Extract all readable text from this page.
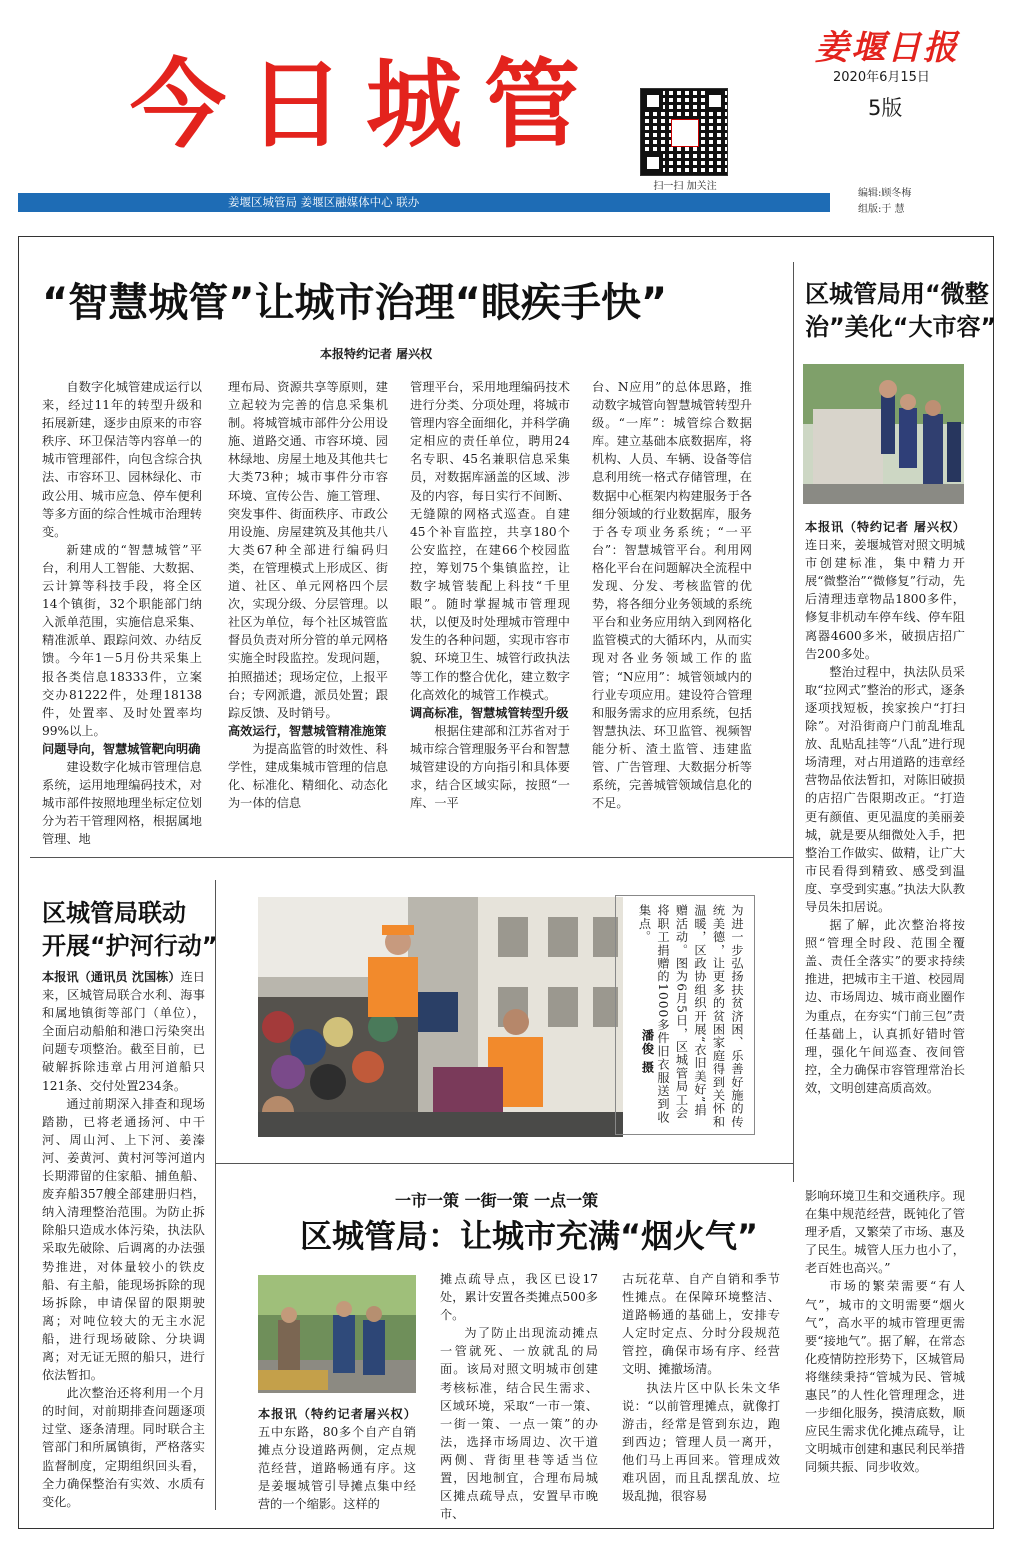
今日城管
扫一扫 加关注
姜堰日报
2020年6月15日
5版
姜堰区城管局 姜堰区融媒体中心 联办
编辑:顾冬梅
组版:于 慧
“智慧城管”让城市治理“眼疾手快”
本报特约记者 屠兴权

自数字化城管建成运行以来，经过11年的转型升级和拓展新建，逐步由原来的市容秩序、环卫保洁等内容单一的城市管理部件，向包含综合执法、市容环卫、园林绿化、市政公用、城市应急、停车便利等多方面的综合性城市治理转变。

新建成的“智慧城管”平台，利用人工智能、大数据、云计算等科技手段，将全区14个镇街，32个职能部门纳入派单范围，实施信息采集、精准派单、跟踪问效、办结反馈。今年1－5月份共采集上报各类信息18333件，立案交办81222件，处理18138件，处置率、及时处置率均99%以上。

问题导向，智慧城管靶向明确

建设数字化城市管理信息系统，运用地理编码技术，对城市部件按照地理坐标定位划分为若干管理网格，根据属地管理、地

理布局、资源共享等原则，建立起较为完善的信息采集机制。将城管城市部件分公用设施、道路交通、市容环境、园林绿地、房屋土地及其他共七大类73种；城市事件分市容环境、宣传公告、施工管理、突发事件、街面秩序、市政公用设施、房屋建筑及其他共八大类67种全部进行编码归类，在管理模式上形成区、街道、社区、单元网格四个层次，实现分级、分层管理。以社区为单位，每个社区城管监督员负责对所分管的单元网格实施全时段监控。发现问题，拍照描述；现场定位，上报平台；专网派遣，派员处置；跟踪反馈、及时销号。

高效运行，智慧城管精准施策

为提高监管的时效性、科学性，建成集城市管理的信息化、标准化、精细化、动态化为一体的信息

管理平台，采用地理编码技术进行分类、分项处理，将城市管理内容全面细化，并科学确定相应的责任单位，聘用24名专职、45名兼职信息采集员，对数据库涵盖的区域、涉及的内容，每日实行不间断、无缝隙的网格式巡查。自建45个补盲监控，共享180个公安监控，在建66个校园监控，筹划75个集镇监控，让数字城管装配上科技“千里眼”。随时掌握城市管理现状，以便及时处理城市管理中发生的各种问题，实现市容市貌、环境卫生、城管行政执法等工作的整合优化，建立数字化高效化的城管工作模式。

调高标准，智慧城管转型升级

根据住建部和江苏省对于城市综合管理服务平台和智慧城管建设的方向指引和具体要求，结合区域实际，按照“一库、一平

台、N应用”的总体思路，推动数字城管向智慧城管转型升级。“一库”：城管综合数据库。建立基础本底数据库，将机构、人员、车辆、设备等信息利用统一格式存储管理，在数据中心框架内构建服务于各细分领域的行业数据库，服务于各专项业务系统；“一平台”：智慧城管平台。利用网格化平台在问题解决全流程中发现、分发、考核监管的优势，将各细分业务领域的系统平台和业务应用纳入到网格化监管模式的大循环内，从而实现对各业务领域工作的监管；“N应用”：城管领域内的行业专项应用。建设符合管理和服务需求的应用系统，包括智慧执法、环卫监管、视频智能分析、渣土监管、违建监管、广告管理、大数据分析等系统，完善城管领域信息化的不足。

区城管局用“微整
治”美化“大市容”

本报讯（特约记者 屠兴权）连日来，姜堰城管对照文明城市创建标准，集中精力开展“微整治”“微修复”行动，先后清理违章物品1800多件，修复非机动车停车线、停车阻离器4600多米，破损店招广告200多处。

整治过程中，执法队员采取“拉网式”整治的形式，逐条逐项找短板，挨家挨户“打扫除”。对沿街商户门前乱堆乱放、乱贴乱挂等“八乱”进行现场清理，对占用道路的违章经营物品依法暂扣，对陈旧破损的店招广告限期改正。“打造更有颜值、更见温度的美丽姜城，就是要从细微处入手，把整治工作做实、做精，让广大市民看得到精致、感受到温度、享受到实惠。”执法大队教导员朱扣居说。

据了解，此次整治将按照“管理全时段、范围全覆盖、责任全落实”的要求持续推进，把城市主干道、校园周边、市场周边、城市商业圈作为重点，在夯实“门前三包”责任基础上，认真抓好错时管理，强化午间巡查、夜间管控，全力确保市容管理常治长效，文明创建高质高效。

区城管局联动
开展“护河行动”

本报讯（通讯员 沈国栋）连日来，区城管局联合水利、海事和属地镇街等部门（单位），全面启动船舶和港口污染突出问题专项整治。截至目前，已破解拆除违章占用河道船只121条、交付处置234条。

通过前期深入排查和现场踏勘，已将老通扬河、中干河、周山河、上下河、姜溱河、姜黄河、黄村河等河道内长期滞留的住家船、捕鱼船、废弃船357艘全部建册归档，纳入清理整治范围。为防止拆除船只造成水体污染，执法队采取先破除、后调离的办法强势推进，对体量较小的铁皮船、有主船，能现场拆除的现场拆除，申请保留的限期驶离；对吨位较大的无主水泥船，进行现场破除、分块调离；对无证无照的船只，进行依法暂扣。

此次整治还将利用一个月的时间，对前期排查问题逐项过堂、逐条清理。同时联合主管部门和所属镇街，严格落实监督制度，定期组织回头看，全力确保整治有实效、水质有变化。

为进一步弘扬扶贫济困、乐善好施的传统美德，让更多的贫困家庭得到关怀和温暖，区政协组织开展“衣旧美好”捐赠活动。图为6月5日，区城管局工会将职工捐赠的1000多件旧衣服送到收集点。
潘俊 摄
一市一策 一街一策 一点一策
区城管局：让城市充满“烟火气”

本报讯（特约记者屠兴权）五中东路，80多个自产自销摊点分设道路两侧，定点规范经营，道路畅通有序。这是姜堰城管引导摊点集中经营的一个缩影。这样的

摊点疏导点，我区已设17处，累计安置各类摊点500多个。

为了防止出现流动摊点一管就死、一放就乱的局面。该局对照文明城市创建考核标准，结合民生需求、区域环境，采取“一市一策、一街一策、一点一策”的办法，选择市场周边、次干道两侧、背街里巷等适当位置，因地制宜，合理布局城区摊点疏导点，安置早市晚市、

古玩花草、自产自销和季节性摊点。在保障环境整洁、道路畅通的基础上，安排专人定时定点、分时分段规范管控，确保市场有序、经营文明、摊撤场清。

执法片区中队长朱文华说：“以前管理摊点，就像打游击，经常是管到东边，跑到西边；管理人员一离开，他们马上再回来。管理成效难巩固，而且乱摆乱放、垃圾乱抛，很容易

影响环境卫生和交通秩序。现在集中规范经营，既钝化了管理矛盾，又繁荣了市场、惠及了民生。城管人压力也小了，老百姓也高兴。”

市场的繁荣需要“有人气”，城市的文明需要“烟火气”，高水平的城市管理更需要“接地气”。据了解，在常态化疫情防控形势下，区城管局将继续秉持“管城为民、管城惠民”的人性化管理理念，进一步细化服务，摸清底数，顺应民生需求优化摊点疏导，让文明城市创建和惠民利民举措同频共振、同步收效。
